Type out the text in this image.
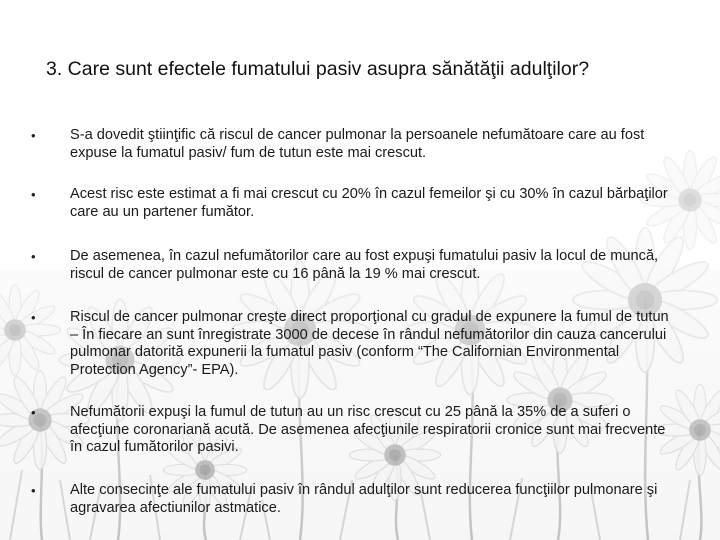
3. Care sunt efectele fumatului pasiv asupra sănătăţii adulţilor?
• S-a dovedit ştiinţific că riscul de cancer pulmonar la persoanele nefumătoare care au fost expuse la fumatul pasiv/ fum de tutun este mai crescut.
• Acest risc este estimat a fi mai crescut cu 20% în cazul femeilor şi cu 30% în cazul bărbaţilor care au un partener fumător.
• De asemenea, în cazul nefumătorilor care au fost expuşi fumatului pasiv la locul de muncă, riscul de cancer pulmonar este cu 16 până la 19 % mai crescut.
• Riscul de cancer pulmonar creşte direct proporţional cu gradul de expunere la fumul de tutun – În fiecare an sunt înregistrate 3000 de decese în rândul nefumătorilor din cauza cancerului pulmonar datorită expunerii la fumatul pasiv (conform “The Californian Environmental Protection Agency”- EPA).
• Nefumătorii expuşi la fumul de tutun au un risc crescut cu 25 până la 35% de a suferi o afecţiune coronariană acută. De asemenea afecţiunile respiratorii cronice sunt mai frecvente în cazul fumătorilor pasivi.
• Alte consecinţe ale fumatului pasiv în rândul adulţilor sunt reducerea funcţiilor pulmonare şi agravarea afectiunilor astmatice.
